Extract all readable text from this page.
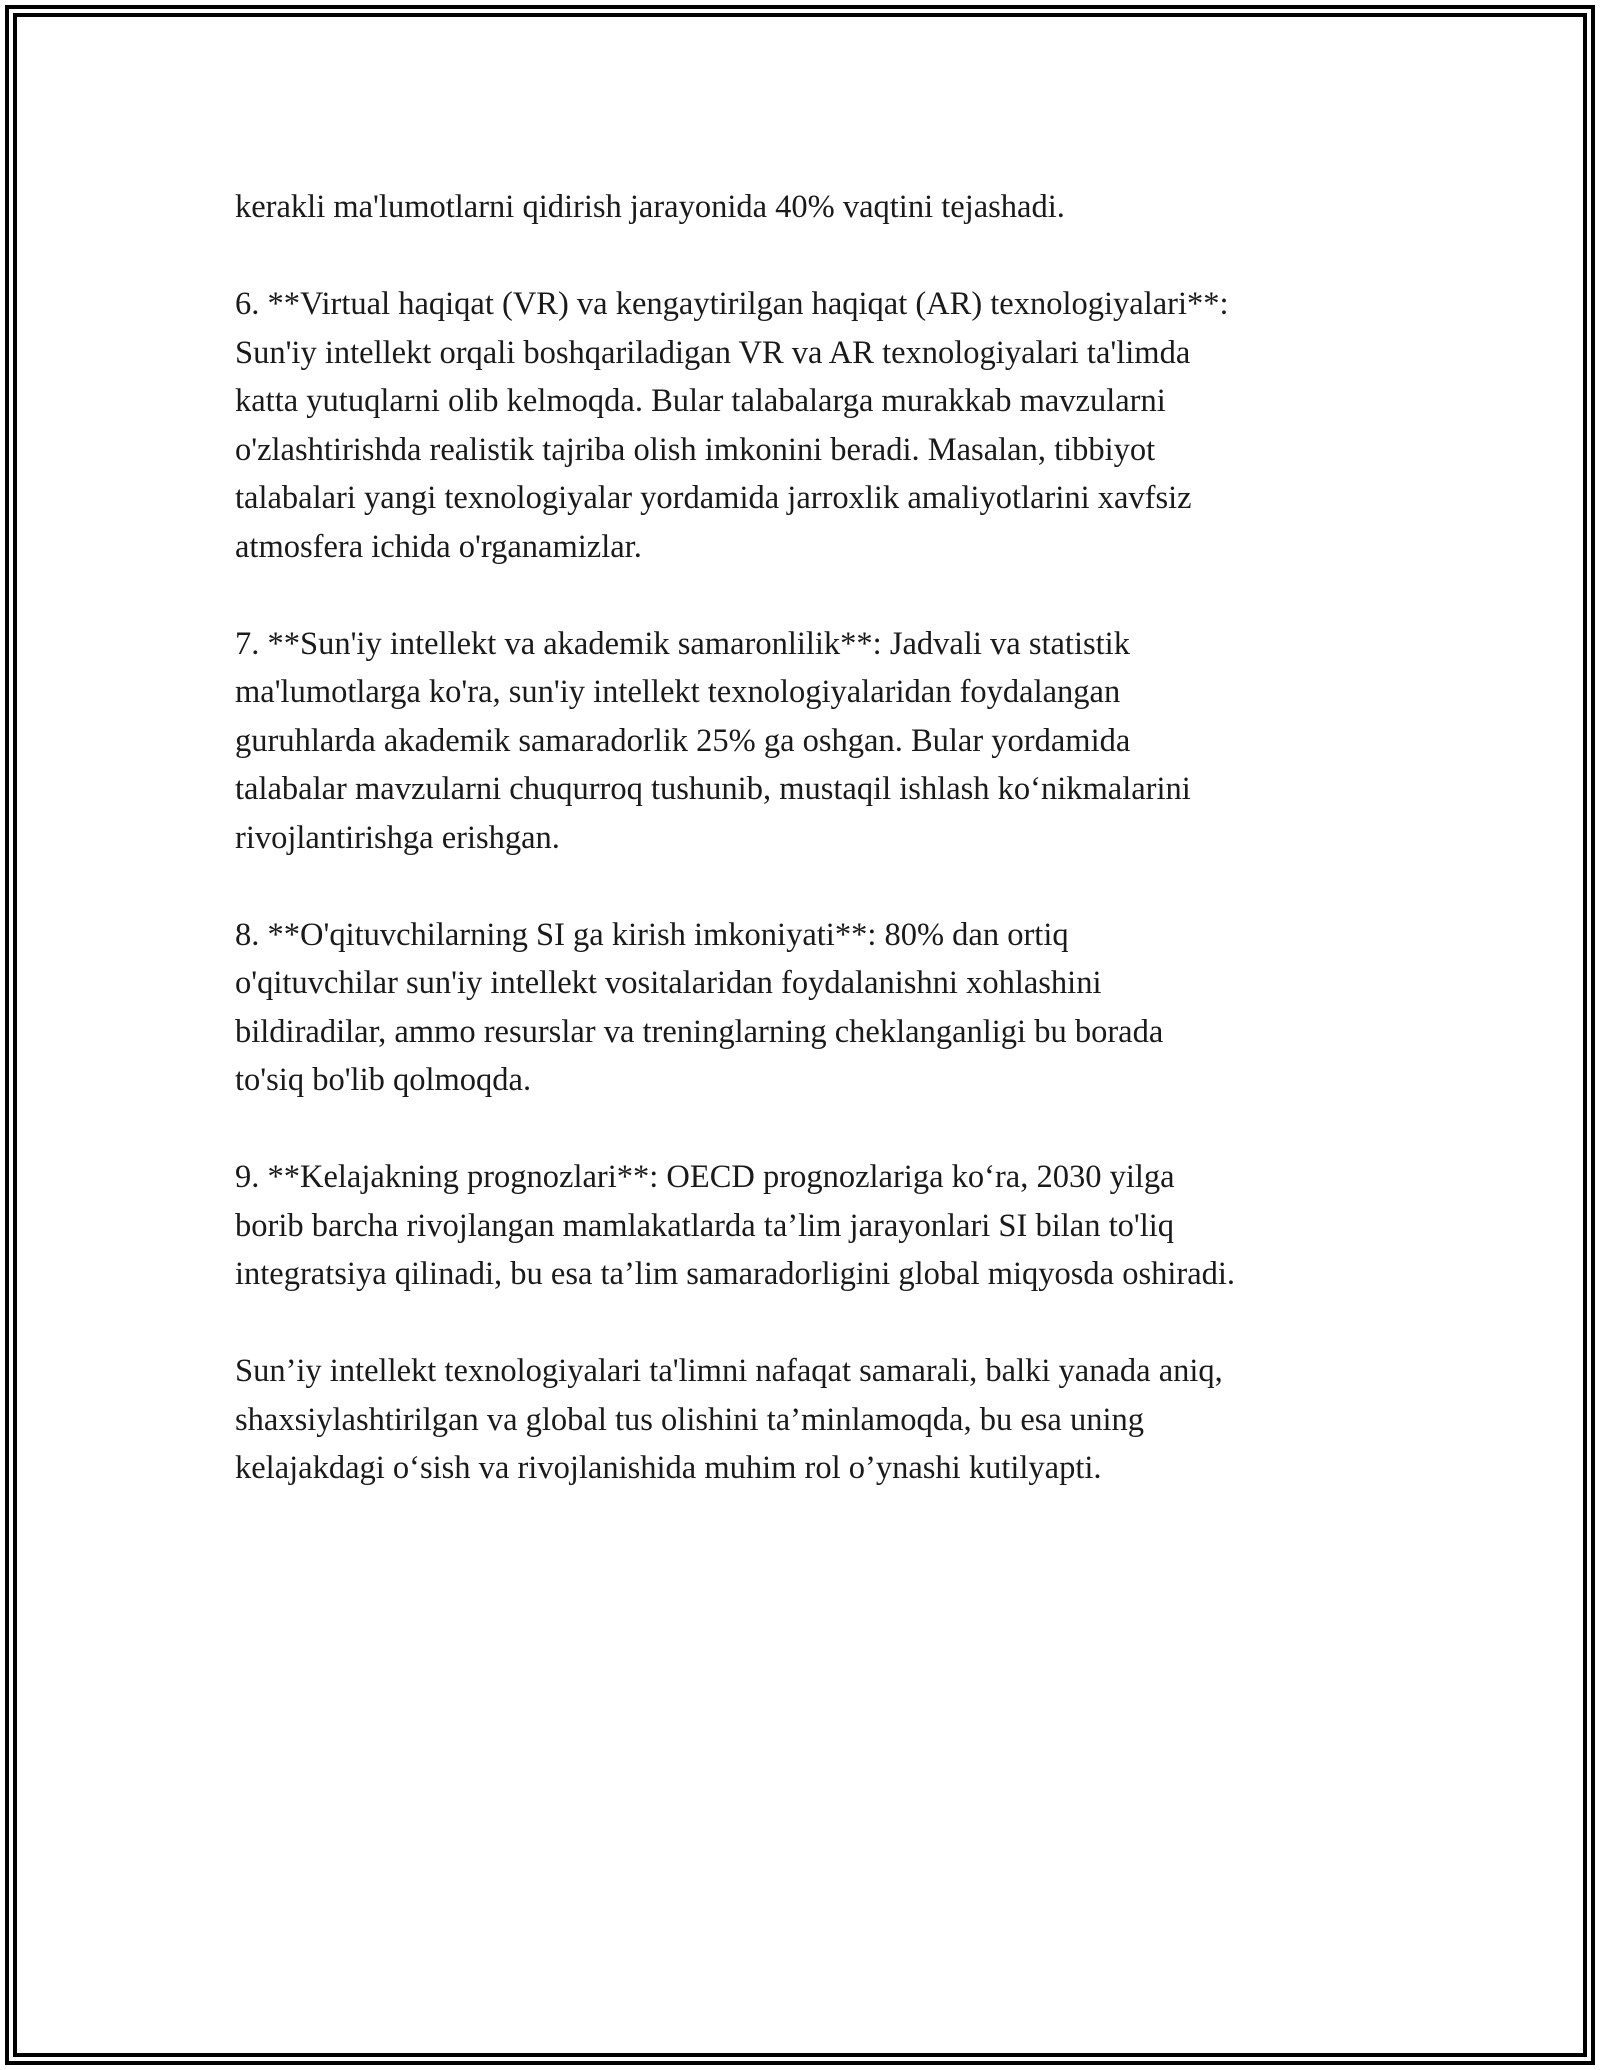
kerakli ma'lumotlarni qidirish jarayonida 40% vaqtini tejashadi.

6. **Virtual haqiqat (VR) va kengaytirilgan haqiqat (AR) texnologiyalari**:
Sun'iy intellekt orqali boshqariladigan VR va AR texnologiyalari ta'limda
katta yutuqlarni olib kelmoqda. Bular talabalarga murakkab mavzularni
o'zlashtirishda realistik tajriba olish imkonini beradi. Masalan, tibbiyot
talabalari yangi texnologiyalar yordamida jarroxlik amaliyotlarini xavfsiz
atmosfera ichida o'rganamizlar.

7. **Sun'iy intellekt va akademik samaronlilik**: Jadvali va statistik
ma'lumotlarga ko'ra, sun'iy intellekt texnologiyalaridan foydalangan
guruhlarda akademik samaradorlik 25% ga oshgan. Bular yordamida
talabalar mavzularni chuqurroq tushunib, mustaqil ishlash koʻnikmalarini
rivojlantirishga erishgan.

8. **O'qituvchilarning SI ga kirish imkoniyati**: 80% dan ortiq
o'qituvchilar sun'iy intellekt vositalaridan foydalanishni xohlashini
bildiradilar, ammo resurslar va treninglarning cheklanganligi bu borada
to'siq bo'lib qolmoqda.

9. **Kelajakning prognozlari**: OECD prognozlariga koʻra, 2030 yilga
borib barcha rivojlangan mamlakatlarda ta’lim jarayonlari SI bilan to'liq
integratsiya qilinadi, bu esa ta’lim samaradorligini global miqyosda oshiradi.

Sun’iy intellekt texnologiyalari ta'limni nafaqat samarali, balki yanada aniq,
shaxsiylashtirilgan va global tus olishini ta’minlamoqda, bu esa uning
kelajakdagi oʻsish va rivojlanishida muhim rol o’ynashi kutilyapti.
